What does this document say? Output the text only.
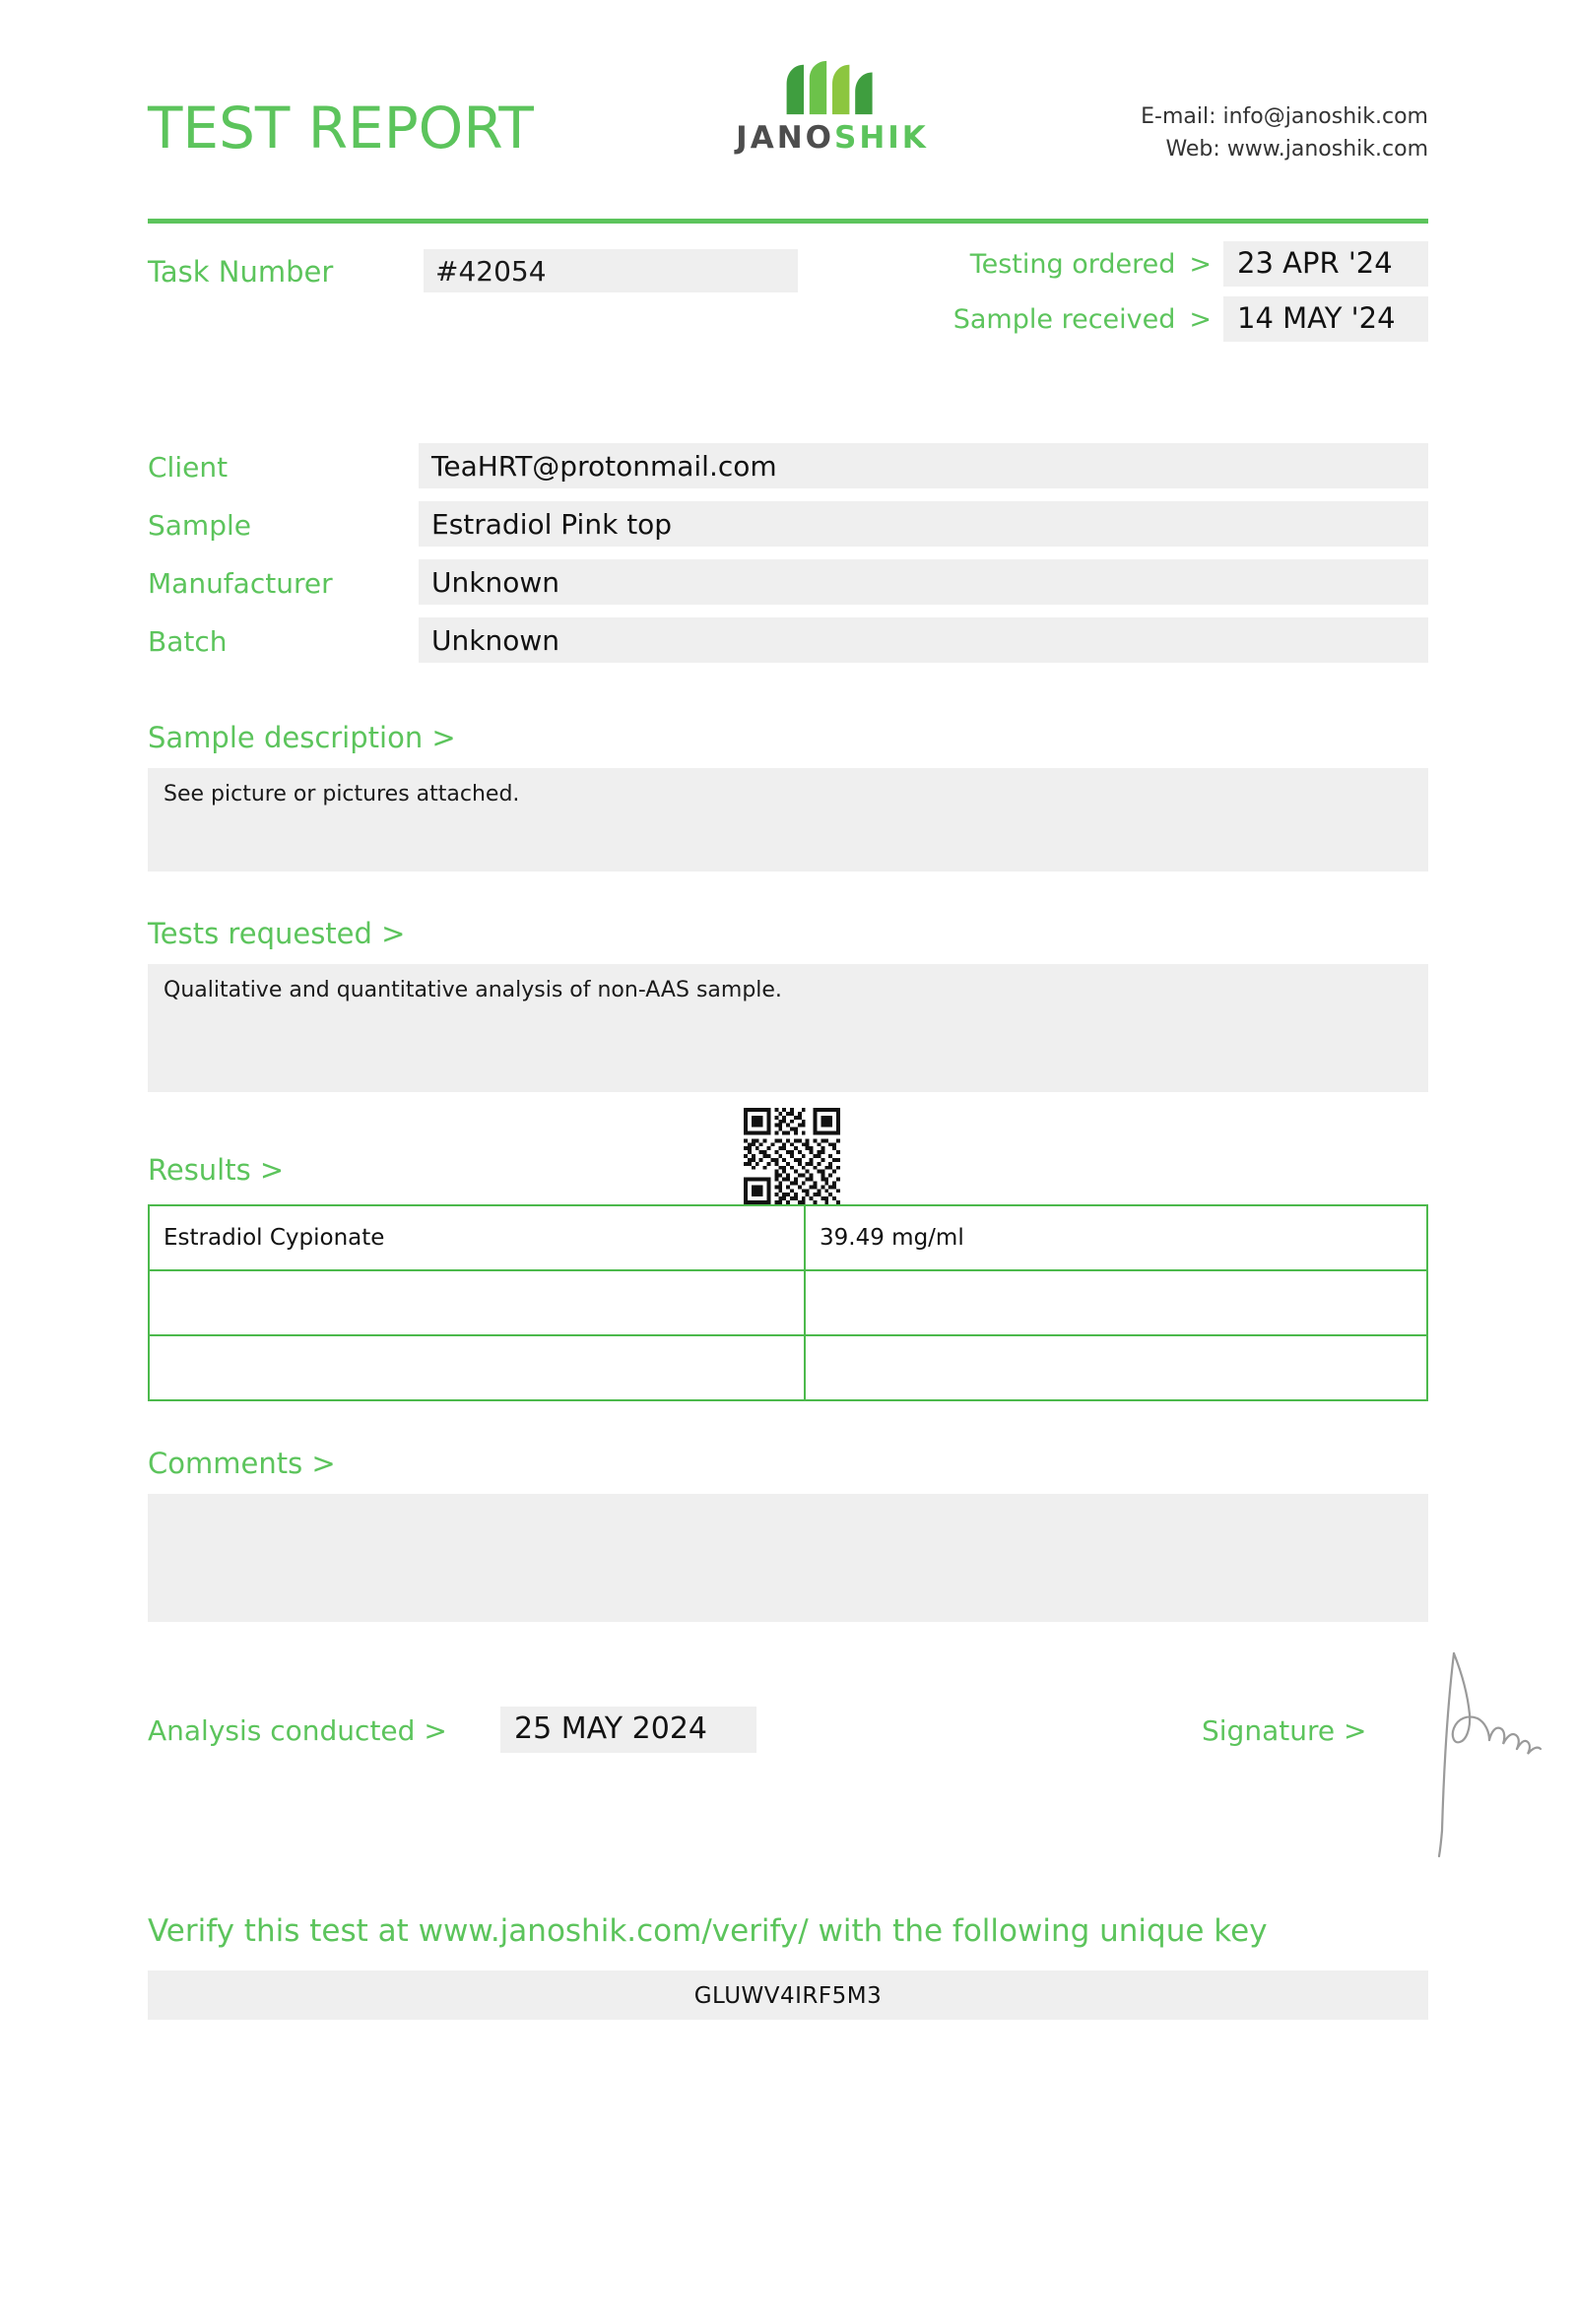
TEST REPORT	JANOSHIK
E-mail: info@janoshik.com
Web: www.janoshik.com
Task Number	#42054	Testing ordered > 23 APR '24
Sample received > 14 MAY '24
Client	TeaHRT@protonmail.com
Sample	Estradiol Pink top
Manufacturer	Unknown
Batch	Unknown
Sample description >
See picture or pictures attached.
Tests requested >
Qualitative and quantitative analysis of non-AAS sample.
Results >
Estradiol Cypionate	39.49 mg/ml

Comments >
Analysis conducted >	25 MAY 2024	Signature >
Verify this test at www.janoshik.com/verify/ with the following unique key
GLUWV4IRF5M3
